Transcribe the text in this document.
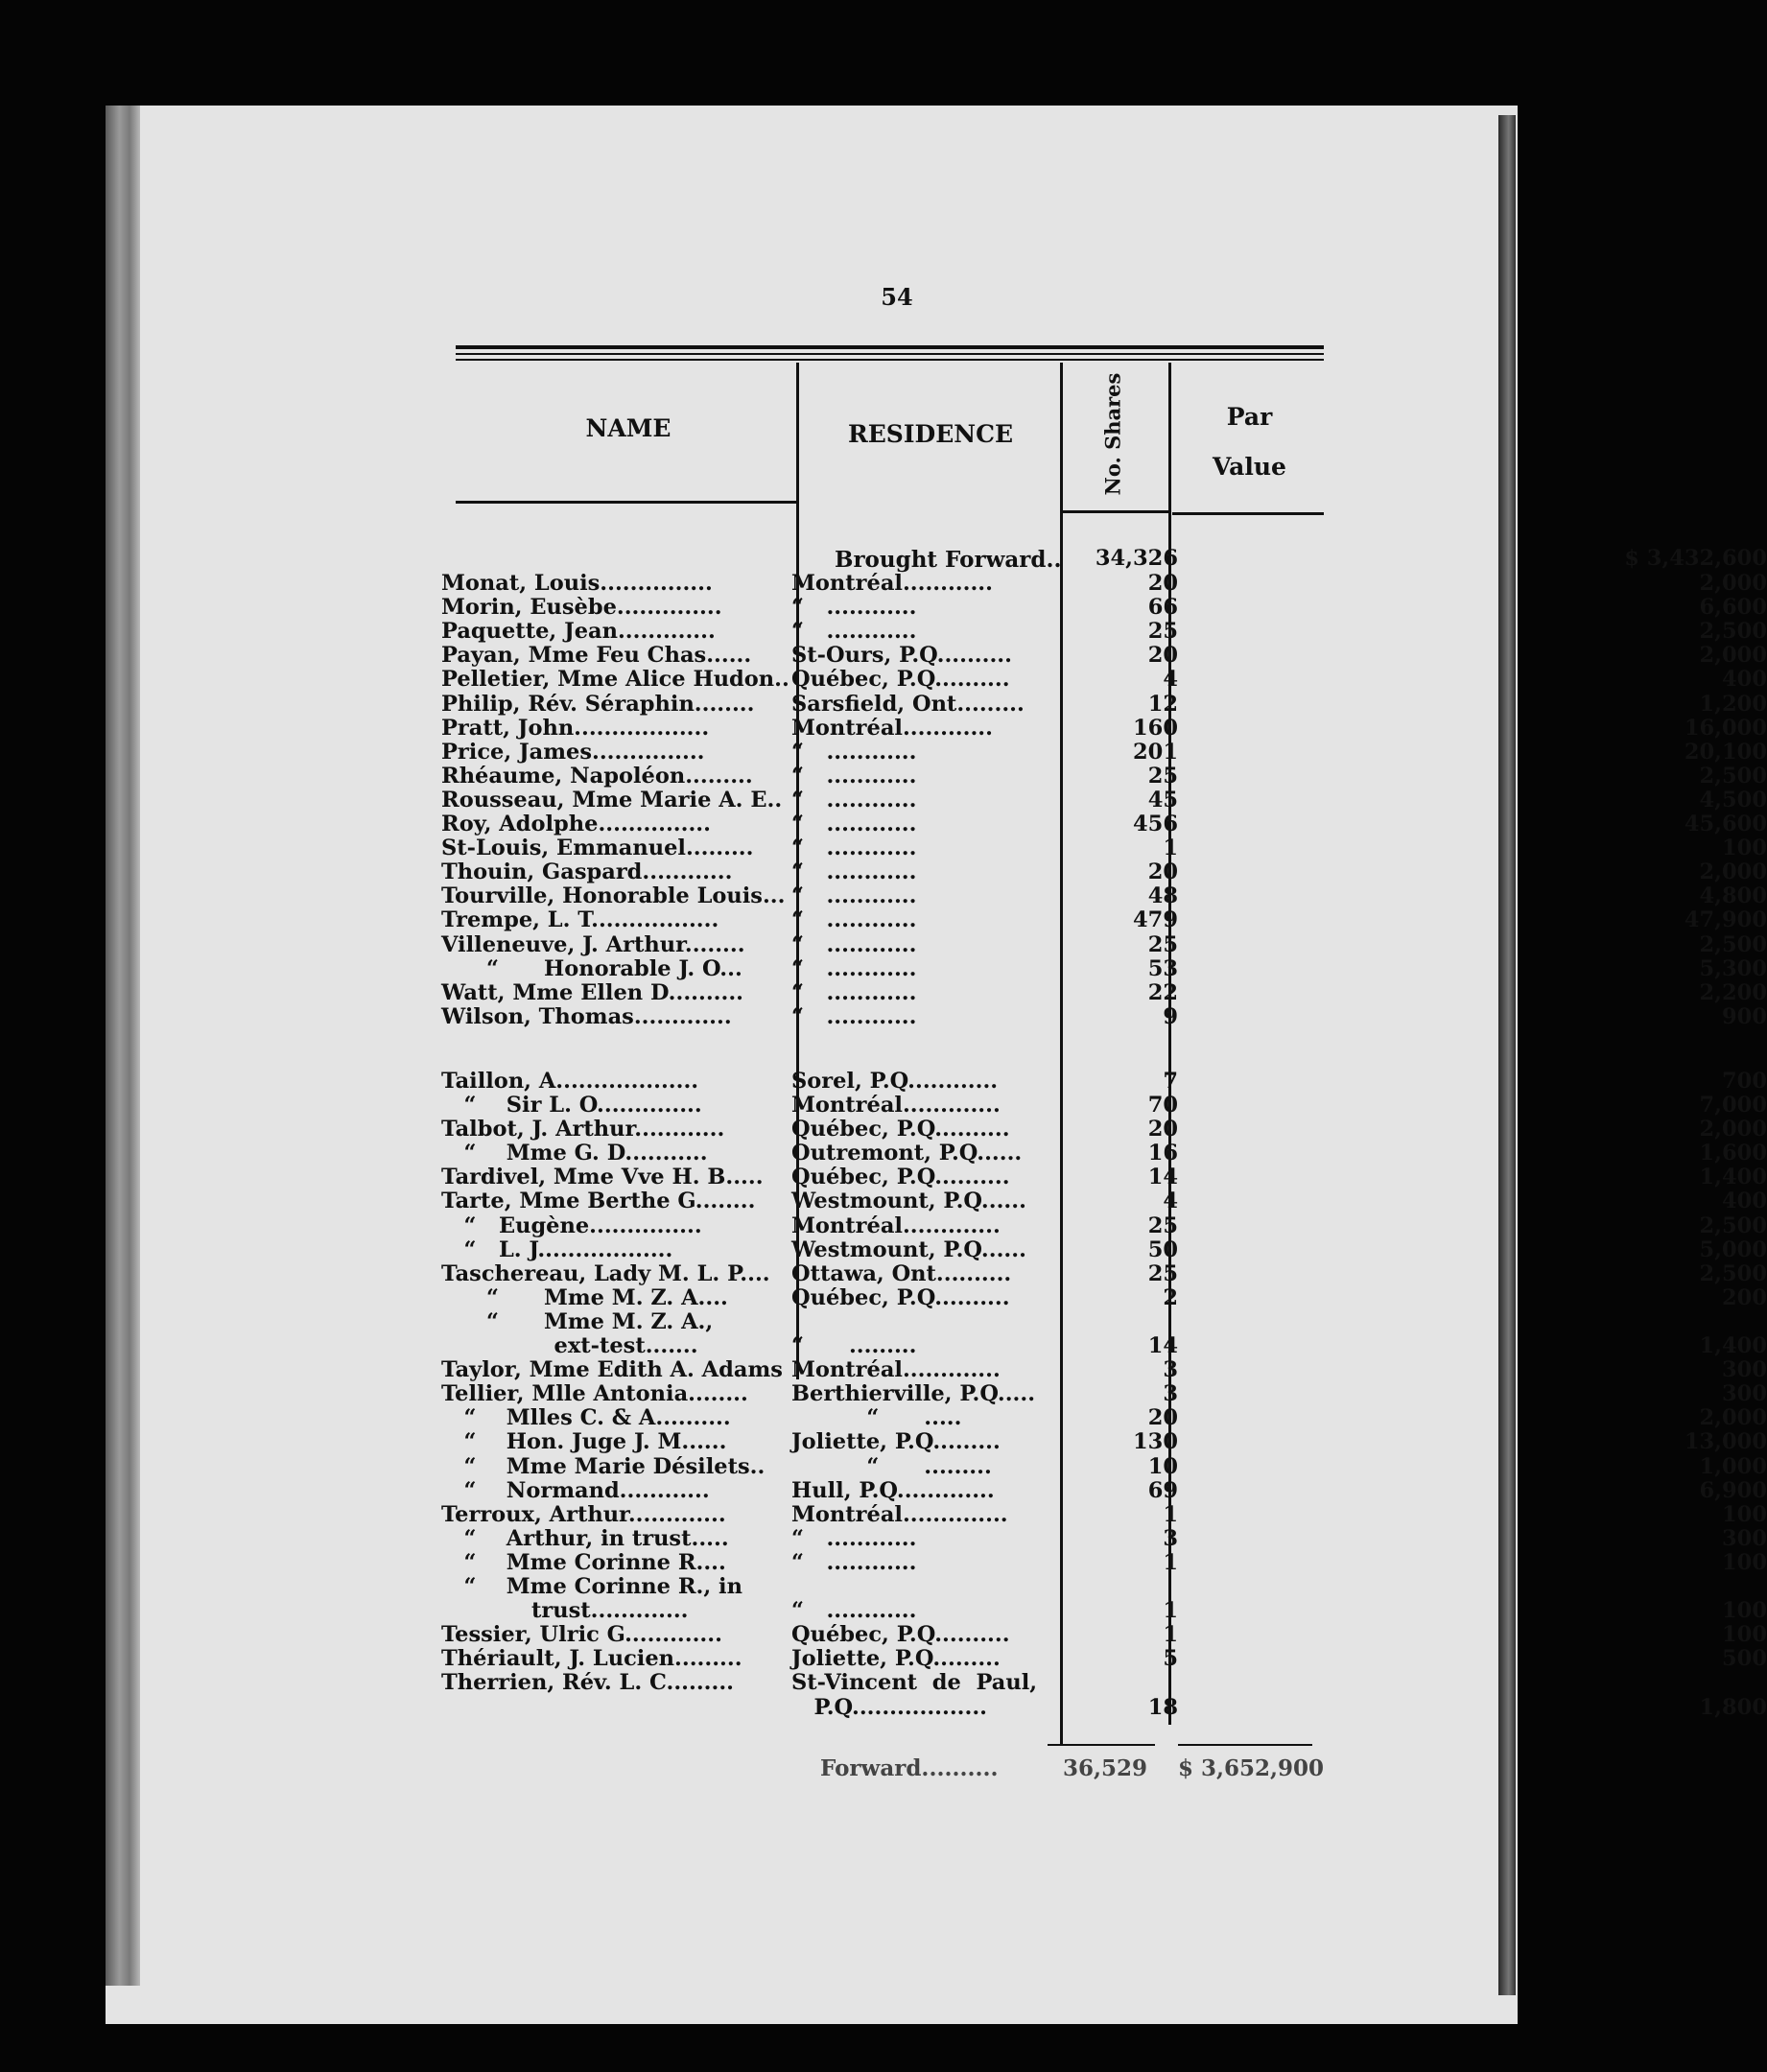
54
NAME	RESIDENCE	No. Shares	Par
Value
Brought Forward..	34,326	$ 3,432,600
Monat, Louis...............	Montréal............	20	2,000
Morin, Eusèbe..............	“   ............	66	6,600
Paquette, Jean.............	“   ............	25	2,500
Payan, Mme Feu Chas......	St-Ours, P.Q..........	20	2,000
Pelletier, Mme Alice Hudon.. Québec, P.Q..........	4	400
Philip, Rév. Séraphin........	Sarsfield, Ont.........	12	1,200
Pratt, John..................	Montréal............	160	16,000
Price, James...............	“   ............	201	20,100
Rhéaume, Napoléon.........	“   ............	25	2,500
Rousseau, Mme Marie A. E.. “   ............	45	4,500
Roy, Adolphe...............	“   ............	456	45,600
St-Louis, Emmanuel.........	“   ............	1	100
Thouin, Gaspard............	“   ............	20	2,000
Tourville, Honorable Louis... “   ............	48	4,800
Trempe, L. T.................	“   ............	479	47,900
Villeneuve, J. Arthur........	“   ............	25	2,500
“      Honorable J. O...	“   ............	53	5,300
Watt, Mme Ellen D..........	“   ............	22	2,200
Wilson, Thomas.............	“   ............	9	900
Taillon, A...................	Sorel, P.Q............	7	700
“    Sir L. O..............	Montréal.............	70	7,000
Talbot, J. Arthur............	Québec, P.Q..........	20	2,000
“    Mme G. D...........	Outremont, P.Q......	16	1,600
Tardivel, Mme Vve H. B.....	Québec, P.Q..........	14	1,400
Tarte, Mme Berthe G........	Westmount, P.Q......	4	400
“   Eugène...............	Montréal.............	25	2,500
“   L. J..................	Westmount, P.Q......	50	5,000
Taschereau, Lady M. L. P.... Ottawa, Ont..........	25	2,500
“      Mme M. Z. A....	Québec, P.Q..........	2	200
“      Mme M. Z. A.,
ext-test.......	“      .........	14	1,400
Taylor, Mme Edith A. Adams Montréal.............	3	300
Tellier, Mlle Antonia........	Berthierville, P.Q.....	3	300
“    Mlles C. & A..........	“      .....	20	2,000
“    Hon. Juge J. M......	Joliette, P.Q.........	130	13,000
“    Mme Marie Désilets..	“      .........	10	1,000
“    Normand............	Hull, P.Q.............	69	6,900
Terroux, Arthur.............	Montréal..............	1	100
“    Arthur, in trust.....	“   ............	3	300
“    Mme Corinne R....	“   ............	1	100
“    Mme Corinne R., in
trust.............	“   ............	1	100
Tessier, Ulric G.............	Québec, P.Q..........	1	100
Thériault, J. Lucien.........	Joliette, P.Q.........	5	500
Therrien, Rév. L. C.........	St-Vincent  de  Paul,
P.Q..................	18	1,800
Forward..........	36,529 $ 3,652,900
